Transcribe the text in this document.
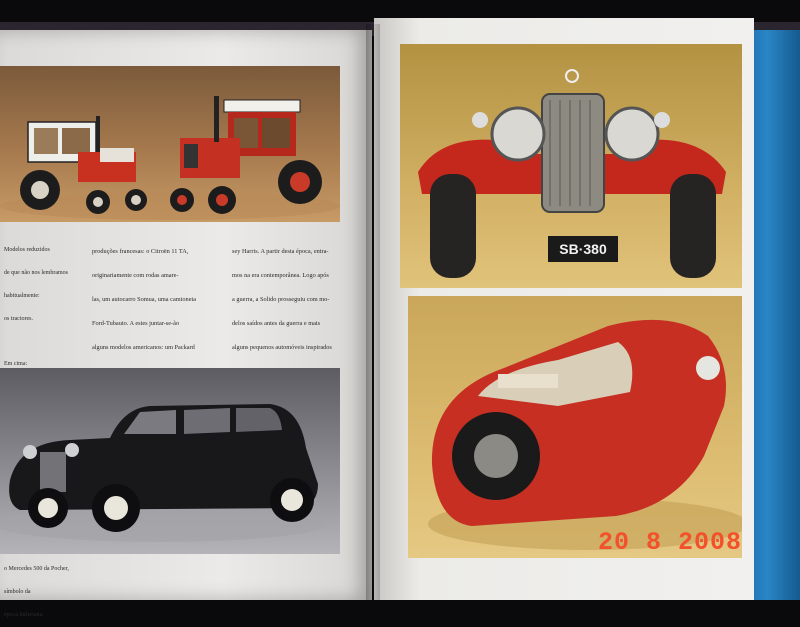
Modelos reduzidos

de que não nos lembramos

habitualmente:

os tractores.

Em cima:

o Mercedes 500 da Pocher,

símbolo da

época hitleriana.

produções francesas: o Citroën 11 TA,

originariamente com rodas amare-

las, um autocarro Somua, uma camioneta

Ford-Tubauto. A estes juntar-se-ão

alguns modelos americanos: um Packard

sey Harris. A partir desta época, entra-

mos na era contemporânea. Logo após

a guerra, a Solido prosseguiu com mo-

delos saídos antes da guerra e mais

alguns pequenos automóveis inspirados

SB·380
20 8 2008
